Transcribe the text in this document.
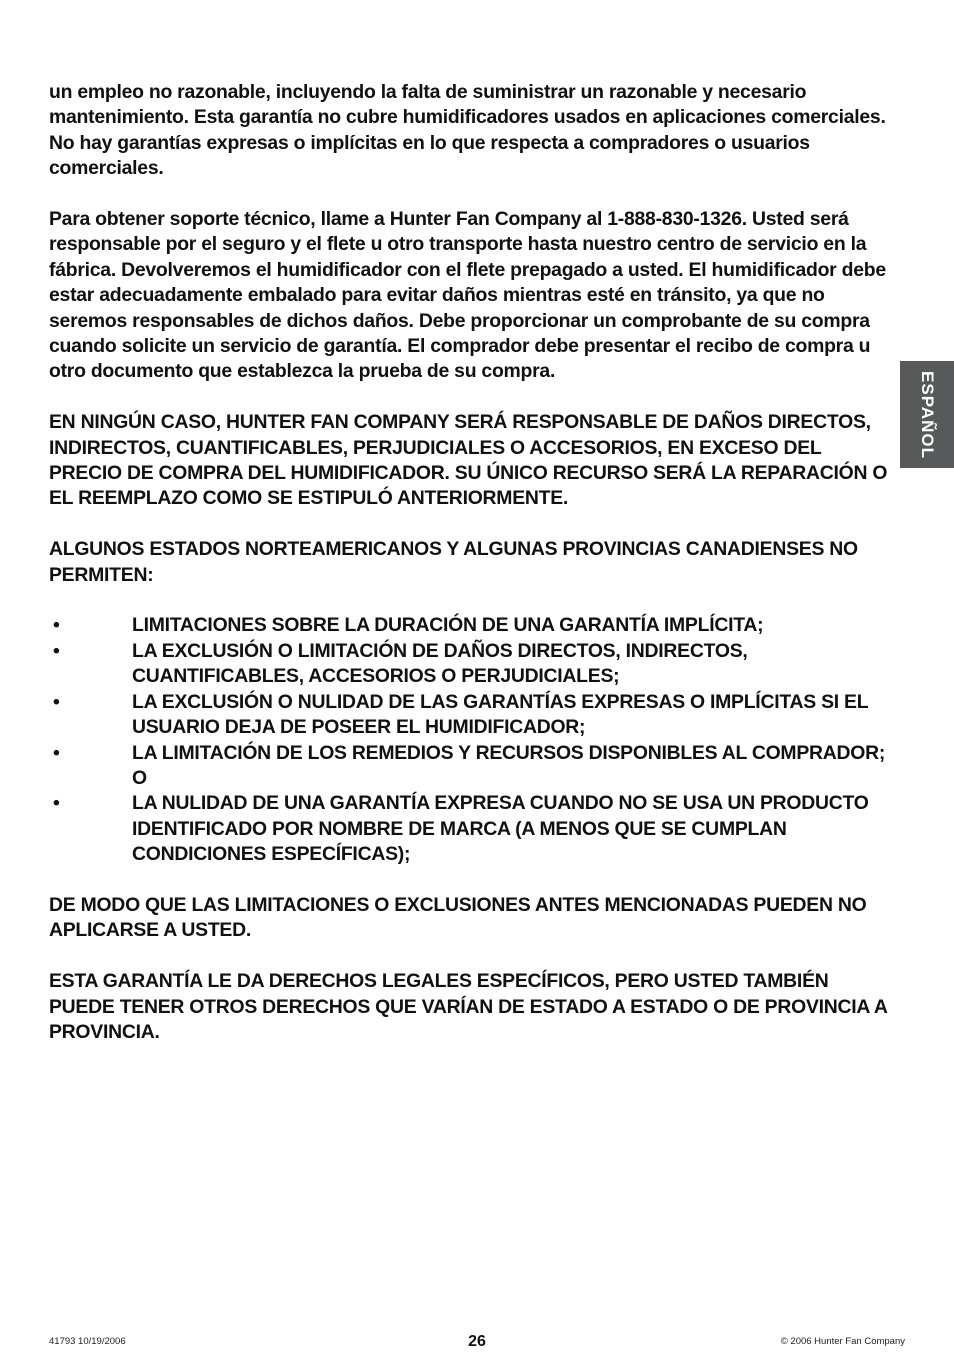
un empleo no razonable, incluyendo la falta de suministrar un razonable y necesario mantenimiento. Esta garantía no cubre humidificadores usados en aplicaciones comerciales. No hay garantías expresas o implícitas en lo que respecta a compradores o usuarios comerciales.

Para obtener soporte técnico, llame a Hunter Fan Company al 1-888-830-1326. Usted será responsable por el seguro y el flete u otro transporte hasta nuestro centro de servicio en la fábrica. Devolveremos el humidificador con el flete prepagado a usted. El humidificador debe estar adecuadamente embalado para evitar daños mientras esté en tránsito, ya que no seremos responsables de dichos daños. Debe proporcionar un comprobante de su compra cuando solicite un servicio de garantía. El comprador debe presentar el recibo de compra u otro documento que establezca la prueba de su compra.

EN NINGÚN CASO, HUNTER FAN COMPANY SERÁ RESPONSABLE DE DAÑOS DIRECTOS, INDIRECTOS, CUANTIFICABLES, PERJUDICIALES O ACCESORIOS, EN EXCESO DEL PRECIO DE COMPRA DEL HUMIDIFICADOR. SU ÚNICO RECURSO SERÁ LA REPARACIÓN O EL REEMPLAZO COMO SE ESTIPULÓ ANTERIORMENTE.

ALGUNOS ESTADOS NORTEAMERICANOS Y ALGUNAS PROVINCIAS CANADIENSES NO PERMITEN:

•	LIMITACIONES SOBRE LA DURACIÓN DE UNA GARANTÍA IMPLÍCITA;
•	LA EXCLUSIÓN O LIMITACIÓN DE DAÑOS DIRECTOS, INDIRECTOS, CUANTIFICABLES, ACCESORIOS O PERJUDICIALES;
•	LA EXCLUSIÓN O NULIDAD DE LAS GARANTÍAS EXPRESAS O IMPLÍCITAS SI EL USUARIO DEJA DE POSEER EL HUMIDIFICADOR;
•	LA LIMITACIÓN DE LOS REMEDIOS Y RECURSOS DISPONIBLES AL COMPRADOR; O
•	LA NULIDAD DE UNA GARANTÍA EXPRESA CUANDO NO SE USA UN PRODUCTO IDENTIFICADO POR NOMBRE DE MARCA (A MENOS QUE SE CUMPLAN CONDICIONES ESPECÍFICAS);

DE MODO QUE LAS LIMITACIONES O EXCLUSIONES ANTES MENCIONADAS PUEDEN NO APLICARSE A USTED.

ESTA GARANTÍA LE DA DERECHOS LEGALES ESPECÍFICOS, PERO USTED TAMBIÉN PUEDE TENER OTROS DERECHOS QUE VARÍAN DE ESTADO A ESTADO O DE PROVINCIA A PROVINCIA.

ESPAÑOL
41793 10/19/2006	26	© 2006 Hunter Fan Company
